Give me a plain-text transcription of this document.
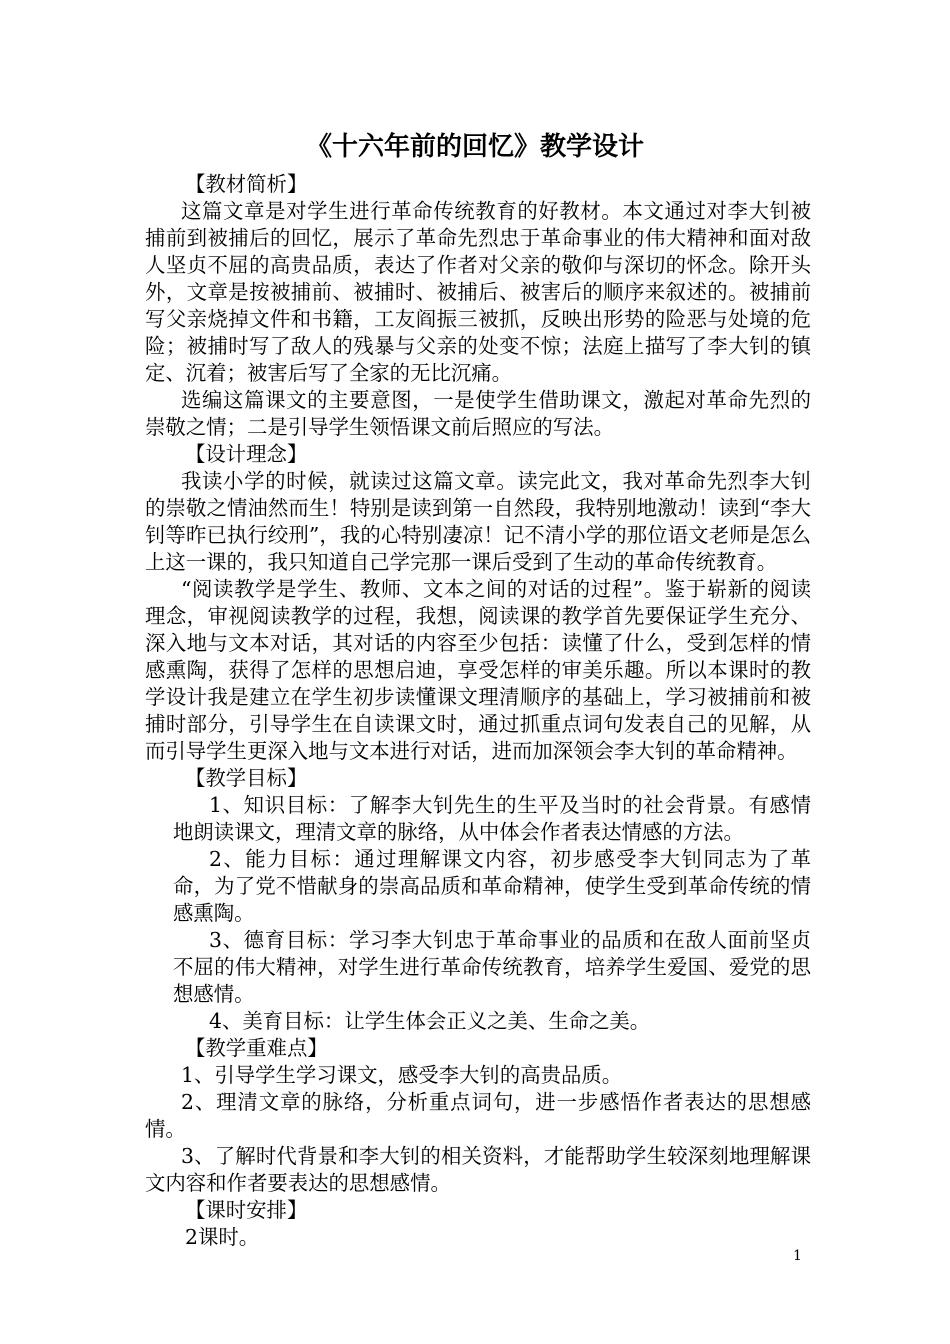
《十六年前的回忆》教学设计

【教材简析】

这篇文章是对学生进行革命传统教育的好教材。本文通过对李大钊被捕前到被捕后的回忆，展示了革命先烈忠于革命事业的伟大精神和面对敌人坚贞不屈的高贵品质，表达了作者对父亲的敬仰与深切的怀念。除开头外，文章是按被捕前、被捕时、被捕后、被害后的顺序来叙述的。被捕前写父亲烧掉文件和书籍，工友阎振三被抓，反映出形势的险恶与处境的危险；被捕时写了敌人的残暴与父亲的处变不惊；法庭上描写了李大钊的镇定、沉着；被害后写了全家的无比沉痛。

选编这篇课文的主要意图，一是使学生借助课文，激起对革命先烈的崇敬之情；二是引导学生领悟课文前后照应的写法。

【设计理念】

我读小学的时候，就读过这篇文章。读完此文，我对革命先烈李大钊的崇敬之情油然而生！特别是读到第一自然段，我特别地激动！读到“李大钊等昨已执行绞刑”，我的心特别凄凉！记不清小学的那位语文老师是怎么上这一课的，我只知道自己学完那一课后受到了生动的革命传统教育。

“阅读教学是学生、教师、文本之间的对话的过程”。鉴于崭新的阅读理念，审视阅读教学的过程，我想，阅读课的教学首先要保证学生充分、深入地与文本对话，其对话的内容至少包括：读懂了什么，受到怎样的情感熏陶，获得了怎样的思想启迪，享受怎样的审美乐趣。所以本课时的教学设计我是建立在学生初步读懂课文理清顺序的基础上，学习被捕前和被捕时部分，引导学生在自读课文时，通过抓重点词句发表自己的见解，从而引导学生更深入地与文本进行对话，进而加深领会李大钊的革命精神。

【教学目标】

1、知识目标：了解李大钊先生的生平及当时的社会背景。有感情地朗读课文，理清文章的脉络，从中体会作者表达情感的方法。

2、能力目标：通过理解课文内容，初步感受李大钊同志为了革命，为了党不惜献身的崇高品质和革命精神，使学生受到革命传统的情感熏陶。

3、德育目标：学习李大钊忠于革命事业的品质和在敌人面前坚贞不屈的伟大精神，对学生进行革命传统教育，培养学生爱国、爱党的思想感情。

4、美育目标：让学生体会正义之美、生命之美。

【教学重难点】

1、引导学生学习课文，感受李大钊的高贵品质。

2、理清文章的脉络，分析重点词句，进一步感悟作者表达的思想感情。

3、了解时代背景和李大钊的相关资料，才能帮助学生较深刻地理解课文内容和作者要表达的思想感情。

【课时安排】

2课时。

1
